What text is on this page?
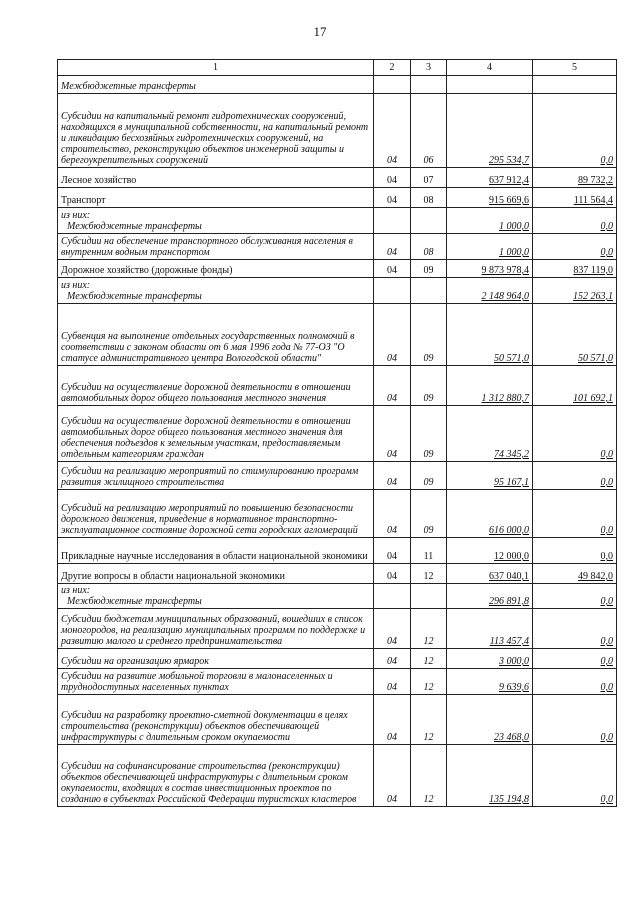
17
1	2	3	4	5
Межбюджетные трансферты				
Субсидии на капитальный ремонт гидротехнических сооружений, находящихся в муниципальной собственности, на капитальный ремонт и ликвидацию бесхозяйных гидротехнических сооружений, на строительство, реконструкцию объектов инженерной защиты и берегоукрепительных сооружений	04	06	295 534,7	0,0
Лесное хозяйство	04	07	637 912,4	89 732,2
Транспорт	04	08	915 669,6	111 564,4
из них:
Межбюджетные трансферты			1 000,0	0,0
Субсидии на обеспечение транспортного обслуживания населения в внутренним водным транспортом	04	08	1 000,0	0,0
Дорожное хозяйство (дорожные фонды)	04	09	9 873 978,4	837 119,0
из них:
Межбюджетные трансферты			2 148 964,0	152 263,1
Субвенция на выполнение отдельных государственных полномочий в соответствии с законом области от 6 мая 1996 года № 77-ОЗ "О статусе административного центра Вологодской области"	04	09	50 571,0	50 571,0
Субсидии на осуществление дорожной деятельности в отношении автомобильных дорог общего пользования местного значения	04	09	1 312 880,7	101 692,1
Субсидии на осуществление дорожной деятельности в отношении автомобильных дорог общего пользования местного значения для обеспечения подъездов к земельным участкам, предоставляемым отдельным категориям граждан	04	09	74 345,2	0,0
Субсидии на реализацию мероприятий по стимулированию программ развития жилищного строительства	04	09	95 167,1	0,0
Субсидий на реализацию мероприятий по повышению безопасности дорожного движения, приведение в нормативное транспортно-эксплуатационное состояние дорожной сети городских агломераций	04	09	616 000,0	0,0
Прикладные научные исследования в области национальной экономики	04	11	12 000,0	0,0
Другие вопросы в области национальной экономики	04	12	637 040,1	49 842,0
из них:
Межбюджетные трансферты			296 891,8	0,0
Субсидии бюджетам муниципальных образований, вошедших в список моногородов, на реализацию муниципальных программ по поддержке и развитию малого и среднего предпринимательства	04	12	113 457,4	0,0
Субсидии на организацию ярмарок	04	12	3 000,0	0,0
Субсидии на развитие мобильной торговли в малонаселенных и труднодоступных населенных пунктах	04	12	9 639,6	0,0
Субсидии на разработку проектно-сметной документации в целях строительства (реконструкции) объектов обеспечивающей инфраструктуры с длительным сроком окупаемости	04	12	23 468,0	0,0
Субсидии на софинансирование строительства (реконструкции) объектов обеспечивающей инфраструктуры с длительным сроком окупаемости, входящих в состав инвестиционных проектов по созданию в субъектах Российской Федерации туристских кластеров	04	12	135 194,8	0,0
